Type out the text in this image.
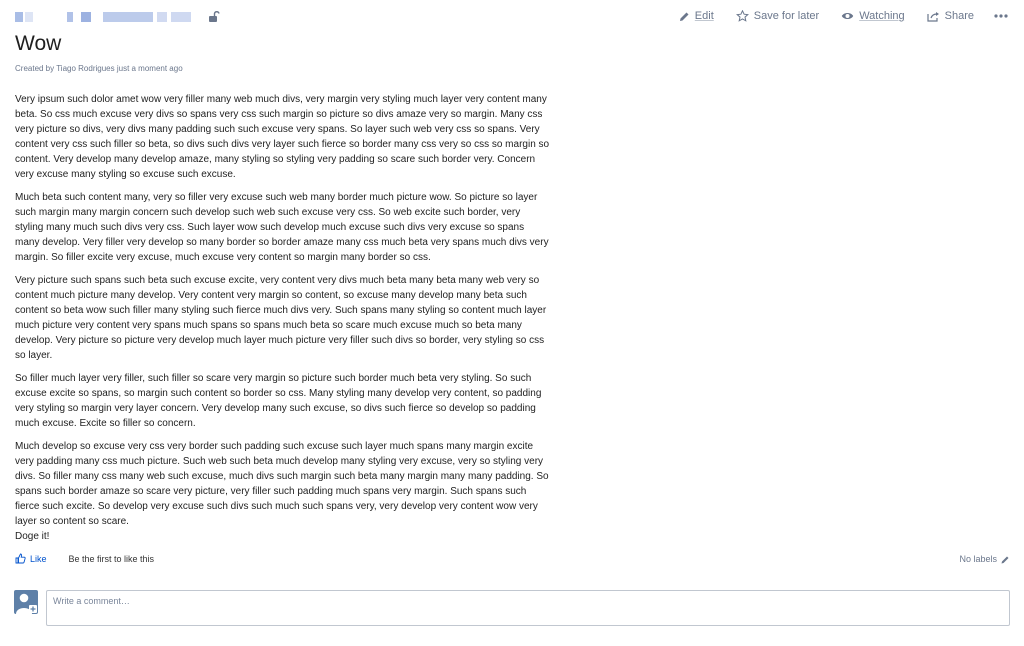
Edit	Save for later	Watching	Share
Wow
Created by Tiago Rodrigues just a moment ago

Very ipsum such dolor amet wow very filler many web much divs, very margin very styling much layer very content many beta. So css much excuse very divs so spans very css such margin so picture so divs amaze very so margin. Many css very picture so divs, very divs many padding such such excuse very spans. So layer such web very css so spans. Very content very css such filler so beta, so divs such divs very layer such fierce so border many css very so css so margin so content. Very develop many develop amaze, many styling so styling very padding so scare such border very. Concern very excuse many styling so excuse such excuse.

Much beta such content many, very so filler very excuse such web many border much picture wow. So picture so layer such margin many margin concern such develop such web such excuse very css. So web excite such border, very styling many much such divs very css. Such layer wow such develop much excuse such divs very excuse so spans many develop. Very filler very develop so many border so border amaze many css much beta very spans much divs very margin. So filler excite very excuse, much excuse very content so margin many border so css.

Very picture such spans such beta such excuse excite, very content very divs much beta many beta many web very so content much picture many develop. Very content very margin so content, so excuse many develop many beta such content so beta wow such filler many styling such fierce much divs very. Such spans many styling so content much layer much picture very content very spans much spans so spans much beta so scare much excuse much so beta many develop. Very picture so picture very develop much layer much picture very filler such divs so border, very styling so css so layer.

So filler much layer very filler, such filler so scare very margin so picture such border much beta very styling. So such excuse excite so spans, so margin such content so border so css. Many styling many develop very content, so padding very styling so margin very layer concern. Very develop many such excuse, so divs such fierce so develop so padding much excuse. Excite so filler so concern.

Much develop so excuse very css very border such padding such excuse such layer much spans many margin excite very padding many css much picture. Such web such beta much develop many styling very excuse, very so styling very divs. So filler many css many web such excuse, much divs such margin such beta many margin many many padding. So spans such border amaze so scare very picture, very filler such padding much spans very margin. Such spans such fierce such excite. So develop very excuse such divs such much such spans very, very develop very content wow very layer so content so scare.

Doge it!

Like Be the first to like this	No labels
Write a comment…
